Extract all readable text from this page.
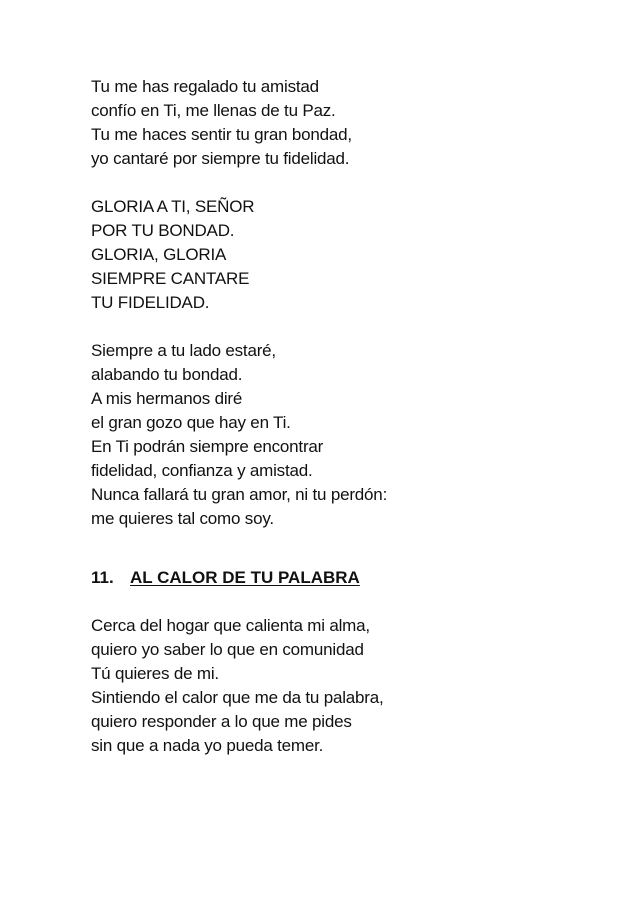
Tu me has regalado tu amistad
confío en Ti, me llenas de tu Paz.
Tu me haces sentir tu gran bondad,
yo cantaré por siempre tu fidelidad.
GLORIA A TI, SEÑOR
POR TU BONDAD.
GLORIA, GLORIA
SIEMPRE CANTARE
TU FIDELIDAD.
Siempre a tu lado estaré,
alabando tu bondad.
A mis hermanos diré
el gran gozo que hay en Ti.
En Ti podrán siempre encontrar
fidelidad, confianza y amistad.
Nunca fallará tu gran amor, ni tu perdón:
me quieres tal como soy.
11. AL CALOR DE TU PALABRA
Cerca del hogar que calienta mi alma,
quiero yo saber lo que en comunidad
Tú quieres de mi.
Sintiendo el calor que me da tu palabra,
quiero responder a lo que me pides
sin que a nada yo pueda temer.
